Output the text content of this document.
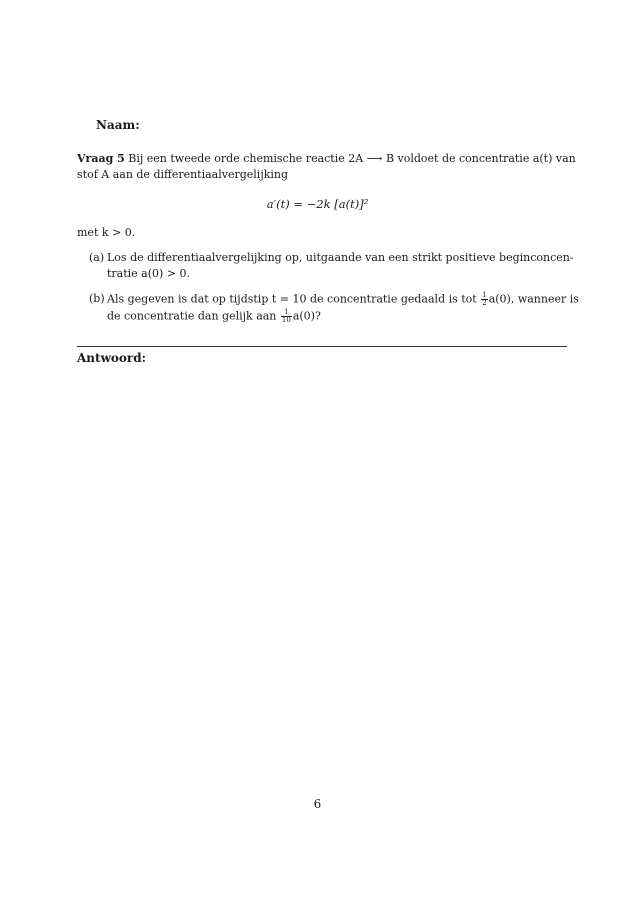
Naam:
Vraag 5 Bij een tweede orde chemische reactie 2A ⟶ B voldoet de concentratie a(t) van
stof A aan de differentiaalvergelijking
a′(t) = −2k [a(t)]²
met k > 0.
(a) Los de differentiaalvergelijking op, uitgaande van een strikt positieve beginconcen-
tratie a(0) > 0.
(b) Als gegeven is dat op tijdstip t = 10 de concentratie gedaald is tot $\frac{1}{2} a(0)$, wanneer is
de concentratie dan gelijk aan $\frac{1}{10} a(0)$?
Antwoord:
6
